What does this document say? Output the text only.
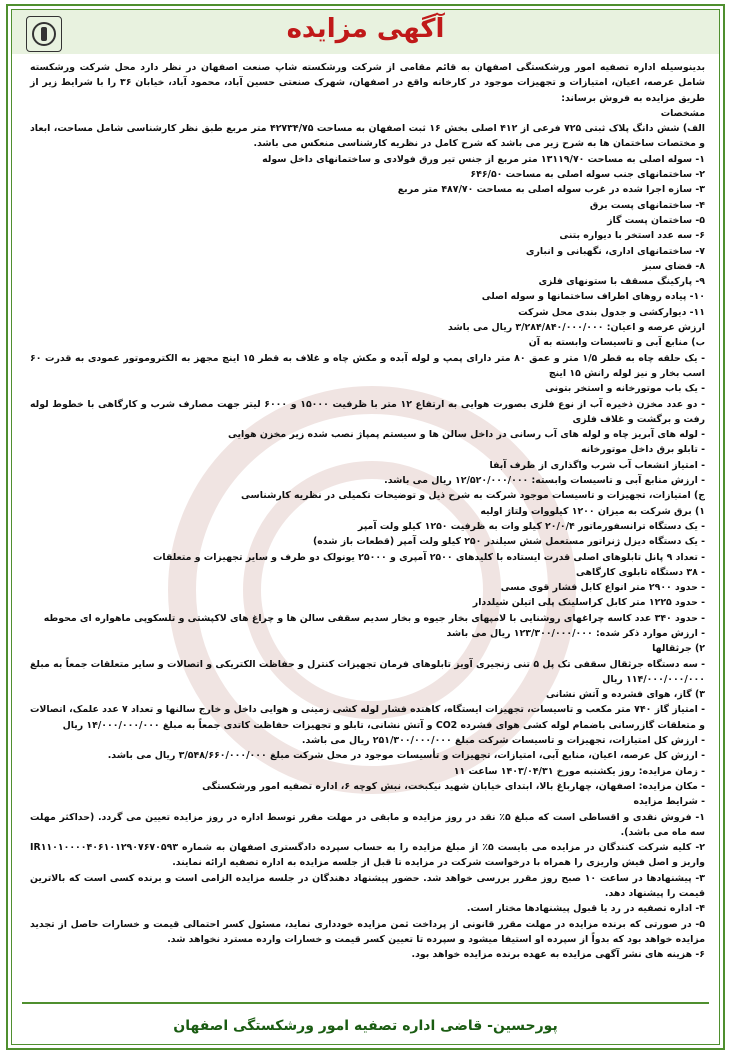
آگهی مزایده
بدینوسیله اداره تصفیه امور ورشکستگی اصفهان به قائم مقامی از شرکت ورشکسته شاپ صنعت اصفهان در نظر دارد محل شرکت ورشکسته شامل عرصه، اعیان، امتیازات و تجهیزات موجود در کارخانه واقع در اصفهان، شهرک صنعتی حسین آباد، محمود آباد، خیابان ۳۶ را با شرایط زیر از طریق مزایده به فروش برساند:
مشخصات
الف) شش دانگ پلاک ثبتی ۷۲۵ فرعی از ۴۱۲ اصلی بخش ۱۶ ثبت اصفهان به مساحت ۴۲۷۳۴/۷۵ متر مربع طبق نظر کارشناسی شامل مساحت، ابعاد و مختصات ساختمان ها به شرح زیر می باشد که شرح کامل در نظریه کارشناسی منعکس می باشد.
۱- سوله اصلی به مساحت ۱۳۱۱۹/۷۰ متر مربع از جنس تیر ورق فولادی و ساختمانهای داخل سوله
۲- ساختمانهای جنب سوله اصلی به مساحت ۶۴۶/۵۰
۳- سازه اجرا شده در غرب سوله اصلی به مساحت ۴۸۷/۷۰ متر مربع
۴- ساختمانهای پست برق
۵- ساختمان پست گاز
۶- سه عدد استخر با دیواره بتنی
۷- ساختمانهای اداری، نگهبانی و انباری
۸- فضای سبز
۹- پارکینگ مسقف با ستونهای فلزی
۱۰- پیاده روهای اطراف ساختمانها و سوله اصلی
۱۱- دیوارکشی و جدول بندی محل شرکت
ارزش عرصه و اعیان: ۳/۲۸۴/۸۴۰/۰۰۰/۰۰۰ ریال می باشد
ب) منابع آبی و تاسیسات وابسته به آن
- یک حلقه چاه به قطر ۱/۵ متر و عمق ۸۰ متر دارای پمپ و لوله آبده و مکش چاه و غلاف به قطر ۱۵ اینچ مجهز به الکتروموتور عمودی به قدرت ۶۰ اسب بخار و نیز لوله رانش ۱۵ اینچ
- یک باب موتورخانه و استخر بتونی
- دو عدد مخزن ذخیره آب از نوع فلزی بصورت هوایی به ارتفاع ۱۲ متر با ظرفیت ۱۵۰۰۰ و ۶۰۰۰ لیتر جهت مصارف شرب و کارگاهی با خطوط لوله رفت و برگشت و غلاف فلزی
- لوله های آبریز چاه و لوله های آب رسانی در داخل سالن ها و سیستم پمپاژ نصب شده زیر مخزن هوایی
- تابلو برق داخل موتورخانه
- امتیاز انشعاب آب شرب واگذاری از طرف آبفا
- ارزش منابع آبی و تاسیسات وابسته: ۱۲/۵۲۰/۰۰۰/۰۰۰ ریال می باشد.
ج) امتیازات، تجهیزات و تاسیسات موجود شرکت به شرح ذیل و توضیحات تکمیلی در نظریه کارشناسی
۱) برق شرکت به میزان ۱۲۰۰ کیلووات ولتاژ اولیه
- یک دستگاه ترانسفورماتور ۲۰/۰/۴ کیلو وات به ظرفیت ۱۲۵۰ کیلو ولت آمپر
- یک دستگاه دیزل ژنراتور مستعمل شش سیلندر ۲۵۰ کیلو ولت آمپر (قطعات باز شده)
- تعداد ۹ پانل تابلوهای اصلی قدرت ایستاده با کلیدهای ۲۵۰۰ آمپری و ۲۵۰۰۰ یونولک دو طرف و سایر تجهیزات و متعلقات
- ۳۸ دستگاه تابلوی کارگاهی
- حدود ۲۹۰۰ متر انواع کابل فشار قوی مسی
- حدود ۱۲۲۵ متر کابل کراسلینک پلی اتیلن شیلددار
- حدود ۳۴۰ عدد کاسه چراغهای روشنایی با لامپهای بخار جیوه و بخار سدیم سقفی سالن ها و چراغ های لاکپشتی و تلسکوپی ماهواره ای محوطه
- ارزش موارد ذکر شده: ۱۲۳/۳۰۰/۰۰۰/۰۰۰ ریال می باشد
۲) جرثقالها
- سه دستگاه جرثقال سقفی تک پل ۵ تنی زنجیری آویز تابلوهای فرمان تجهیزات کنترل و حفاظت الکتریکی و اتصالات و سایر متعلقات جمعاً به مبلغ ۱۱۴/۰۰۰/۰۰۰/۰۰۰ ریال
۳) گاز، هوای فشرده و آتش نشانی
- امتیاز گاز ۷۴۰ متر مکعب و تاسیسات، تجهیزات ایستگاه، کاهنده فشار لوله کشی زمینی و هوایی داخل و خارج سالنها و تعداد ۷ عدد علمک، اتصالات و متعلقات گازرسانی باضمام لوله کشی هوای فشرده CO2 و آتش نشانی، تابلو و تجهیزات حفاظت کاتدی جمعاً به مبلغ ۱۴/۰۰۰/۰۰۰/۰۰۰ ریال
- ارزش کل امتیازات، تجهیزات و تاسیسات شرکت مبلغ ۲۵۱/۳۰۰/۰۰۰/۰۰۰ ریال می باشد.
- ارزش کل عرصه، اعیان، منابع آبی، امتیازات، تجهیزات و تأسیسات موجود در محل شرکت مبلغ ۳/۵۴۸/۶۶۰/۰۰۰/۰۰۰ ریال می باشد.
- زمان مزایده: روز یکشنبه مورخ ۱۴۰۳/۰۴/۳۱ ساعت ۱۱
- مکان مزایده: اصفهان، چهارباغ بالا، ابتدای خیابان شهید نیکبخت، نبش کوچه ۶، اداره تصفیه امور ورشکستگی
- شرایط مزایده
۱- فروش نقدی و اقساطی است که مبلغ ۵٪ نقد در روز مزایده و مابقی در مهلت مقرر توسط اداره در روز مزایده تعیین می گردد. (حداکثر مهلت سه ماه می باشد).
۲- کلیه شرکت کنندگان در مزایده می بایست ۵٪ از مبلغ مزایده را به حساب سپرده دادگستری اصفهان به شماره IR۱۱۰۱۰۰۰۰۴۰۶۱۰۱۲۹۰۷۶۷۰۵۹۳ واریز و اصل فیش واریزی را همراه با درخواست شرکت در مزایده تا قبل از جلسه مزایده به اداره تصفیه ارائه نمایند.
۳- پیشنهادها در ساعت ۱۰ صبح روز مقرر بررسی خواهد شد. حضور پیشنهاد دهندگان در جلسه مزایده الزامی است و برنده کسی است که بالاترین قیمت را پیشنهاد دهد.
۴- اداره تصفیه در رد یا قبول پیشنهادها مختار است.
۵- در صورتی که برنده مزایده در مهلت مقرر قانونی از پرداخت ثمن مزایده خودداری نماید، مسئول کسر احتمالی قیمت و خسارات حاصل از تجدید مزایده خواهد بود که بدواً از سپرده او استیفا میشود و سپرده تا تعیین کسر قیمت و خسارات وارده مسترد نخواهد شد.
۶- هزینه های نشر آگهی مزایده به عهده برنده مزایده خواهد بود.
پورحسین- قاضی اداره تصفیه امور ورشکستگی اصفهان
